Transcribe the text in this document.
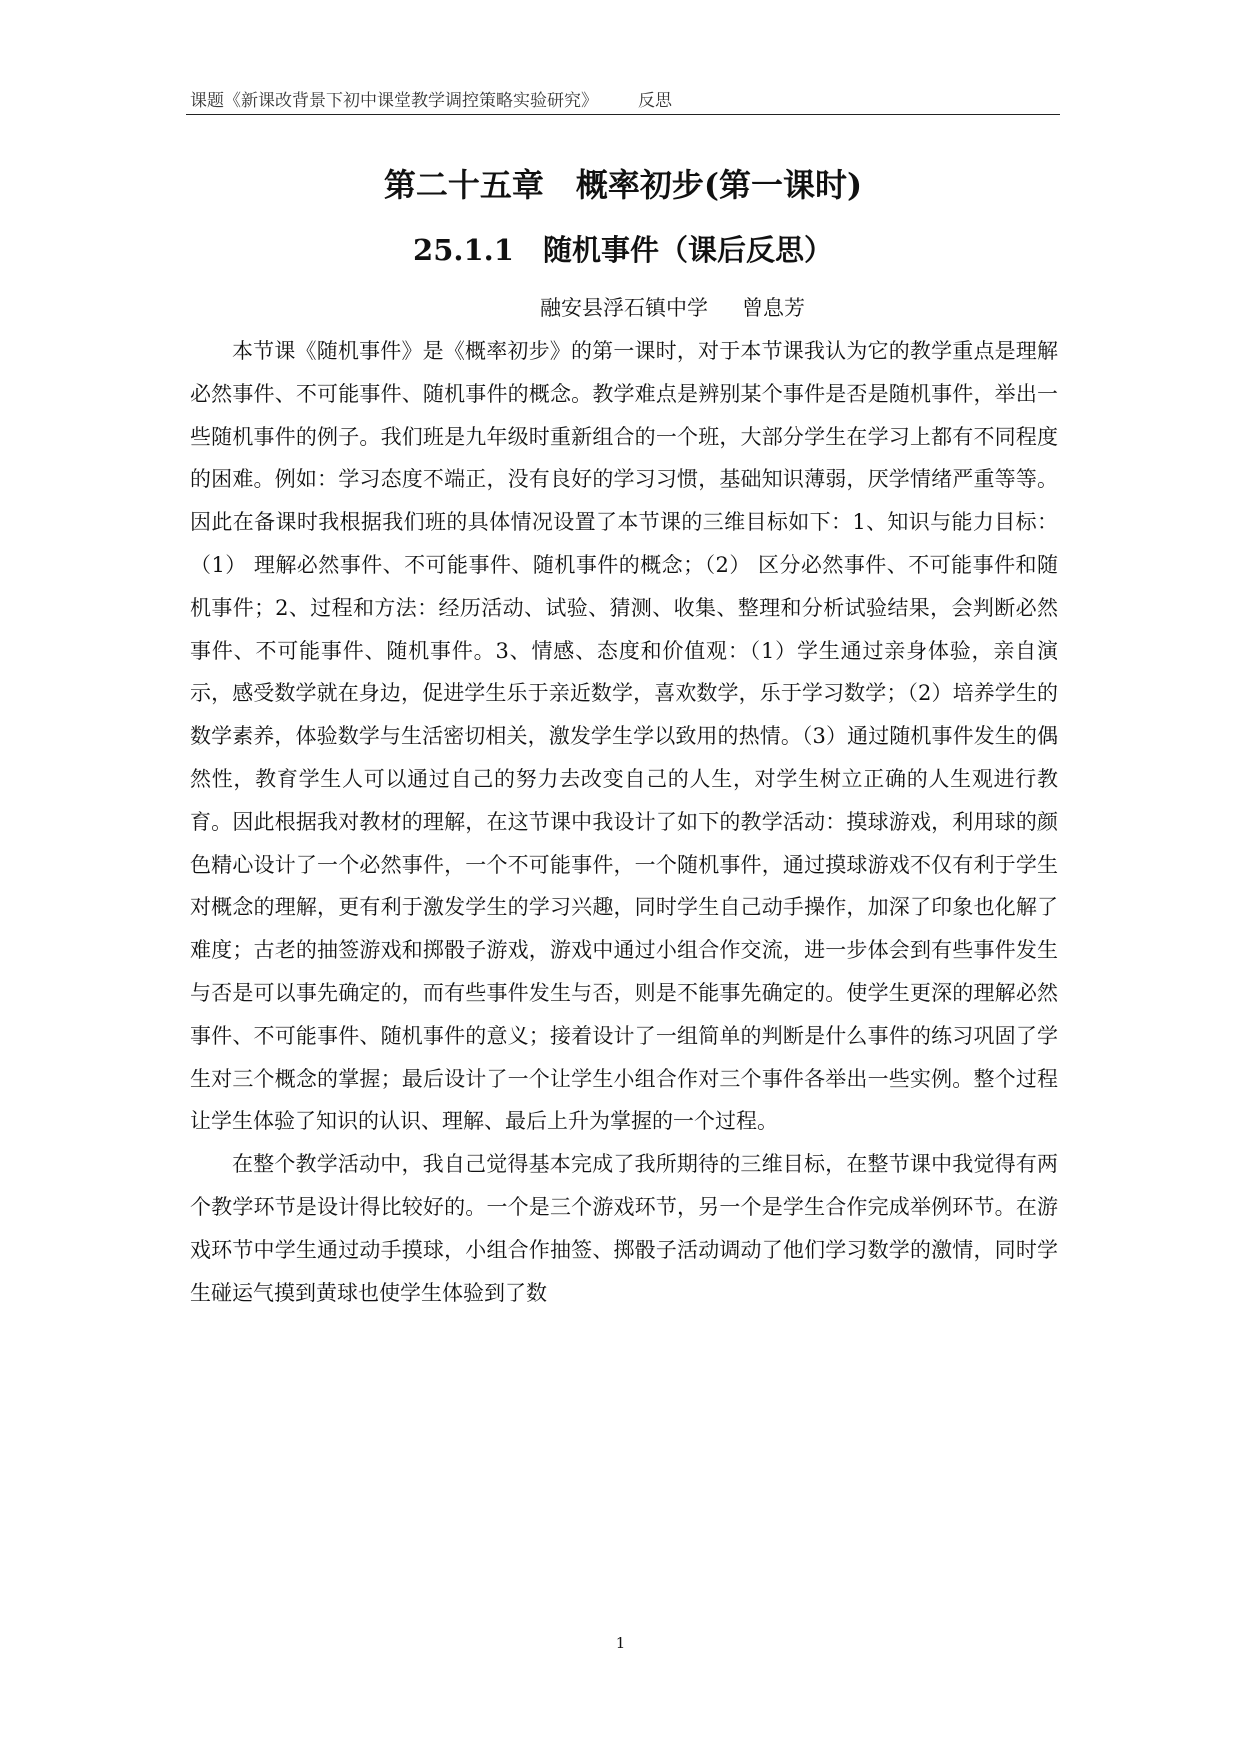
课题《新课改背景下初中课堂教学调控策略实验研究》 反思
第二十五章　概率初步(第一课时)
25.1.1　随机事件（课后反思）
融安县浮石镇中学 曾息芳

本节课《随机事件》是《概率初步》的第一课时，对于本节课我认为它的教学重点是理解必然事件、不可能事件、随机事件的概念。教学难点是辨别某个事件是否是随机事件，举出一些随机事件的例子。我们班是九年级时重新组合的一个班，大部分学生在学习上都有不同程度的困难。例如：学习态度不端正，没有良好的学习习惯，基础知识薄弱，厌学情绪严重等等。因此在备课时我根据我们班的具体情况设置了本节课的三维目标如下：1、知识与能力目标：（1） 理解必然事件、不可能事件、随机事件的概念；（2） 区分必然事件、不可能事件和随机事件；2、过程和方法：经历活动、试验、猜测、收集、整理和分析试验结果，会判断必然事件、不可能事件、随机事件。3、情感、态度和价值观：（1）学生通过亲身体验，亲自演示，感受数学就在身边，促进学生乐于亲近数学，喜欢数学，乐于学习数学；（2）培养学生的数学素养，体验数学与生活密切相关，激发学生学以致用的热情。（3）通过随机事件发生的偶然性，教育学生人可以通过自己的努力去改变自己的人生，对学生树立正确的人生观进行教育。因此根据我对教材的理解，在这节课中我设计了如下的教学活动：摸球游戏，利用球的颜色精心设计了一个必然事件，一个不可能事件，一个随机事件，通过摸球游戏不仅有利于学生对概念的理解，更有利于激发学生的学习兴趣，同时学生自己动手操作，加深了印象也化解了难度；古老的抽签游戏和掷骰子游戏，游戏中通过小组合作交流，进一步体会到有些事件发生与否是可以事先确定的，而有些事件发生与否，则是不能事先确定的。使学生更深的理解必然事件、不可能事件、随机事件的意义；接着设计了一组简单的判断是什么事件的练习巩固了学生对三个概念的掌握；最后设计了一个让学生小组合作对三个事件各举出一些实例。整个过程让学生体验了知识的认识、理解、最后上升为掌握的一个过程。

在整个教学活动中，我自己觉得基本完成了我所期待的三维目标，在整节课中我觉得有两个教学环节是设计得比较好的。一个是三个游戏环节，另一个是学生合作完成举例环节。在游戏环节中学生通过动手摸球，小组合作抽签、掷骰子活动调动了他们学习数学的激情，同时学生碰运气摸到黄球也使学生体验到了数

1
